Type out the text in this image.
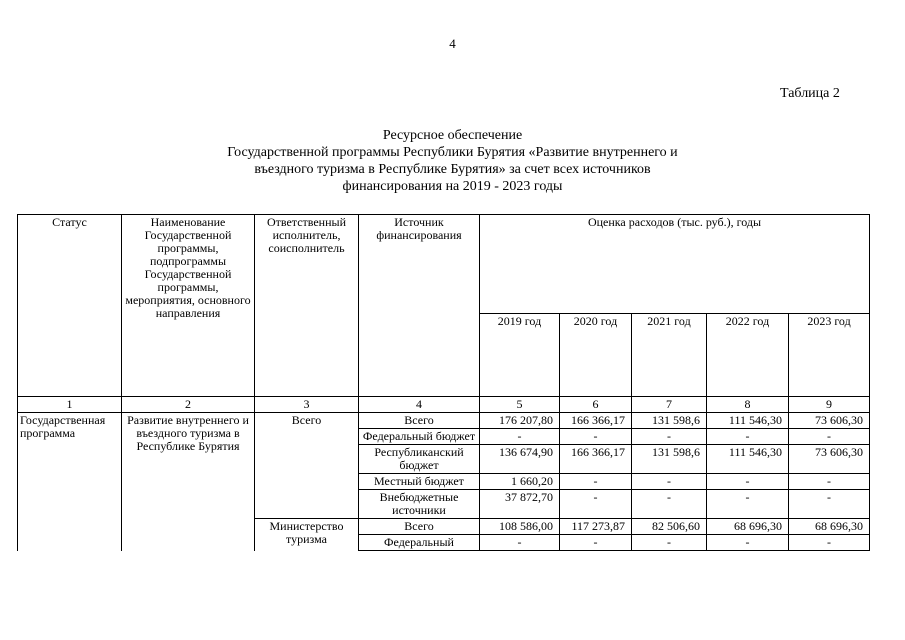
4
Таблица 2
Ресурсное обеспечение
Государственной программы Республики Бурятия «Развитие внутреннего и
въездного туризма в Республике Бурятия» за счет всех источников
финансирования на 2019 - 2023 годы
Статус	Наименование Государственной программы, подпрограммы Государственной программы, мероприятия, основного направления	Ответственный исполнитель, соисполнитель	Источник финансирования	Оценка расходов (тыс. руб.), годы				
				2019 год	2020 год	2021 год	2022 год	2023 год
1	2	3	4	5	6	7	8	9
Государственная программа	Развитие внутреннего и въездного туризма в Республике Бурятия	Всего	Всего	176 207,80	166 366,17	131 598,6	111 546,30	73 606,30
			Федеральный бюджет	-	-	-	-	-
			Республиканский бюджет	136 674,90	166 366,17	131 598,6	111 546,30	73 606,30
			Местный бюджет	1 660,20	-	-	-	-
			Внебюджетные источники	37 872,70	-	-	-	-
		Министерство туризма	Всего	108 586,00	117 273,87	82 506,60	68 696,30	68 696,30
			Федеральный	-	-	-	-	-
